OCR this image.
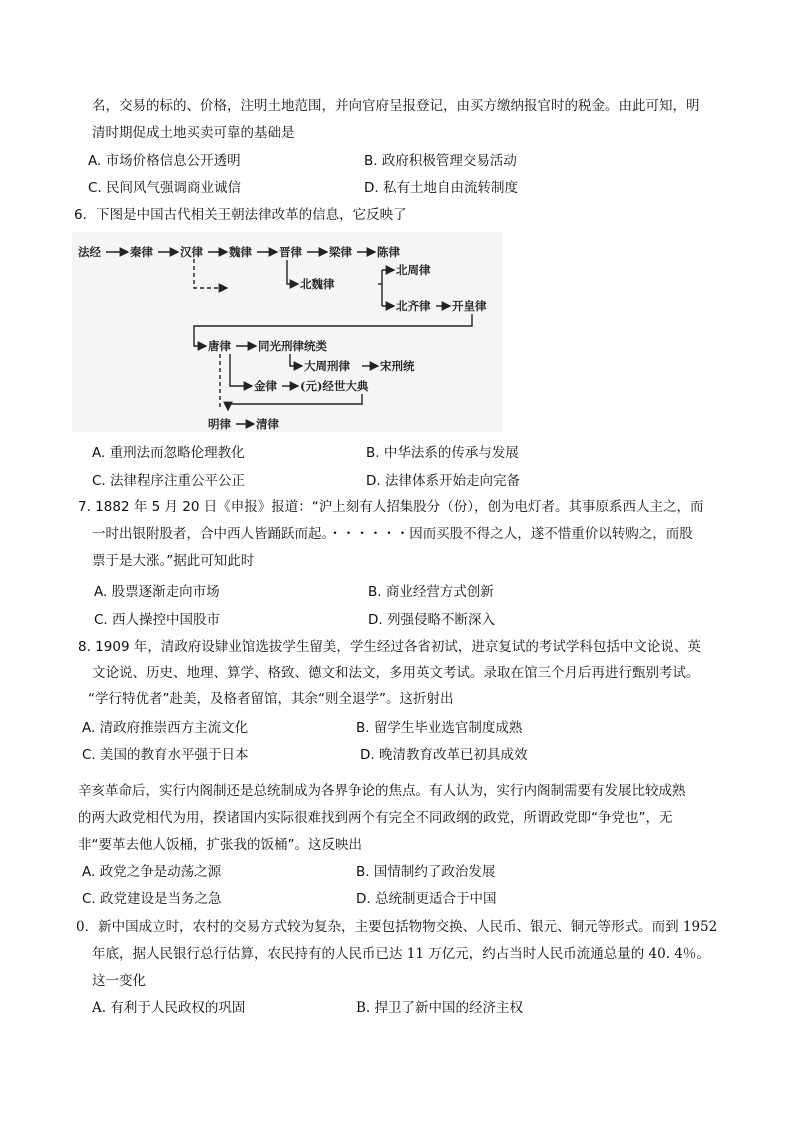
名，交易的标的、价格，注明土地范围，并向官府呈报登记，由买方缴纳报官时的税金。由此可知，明
清时期促成土地买卖可靠的基础是
A. 市场价格信息公开透明	B. 政府积极管理交易活动
C. 民间风气强调商业诚信	D. 私有土地自由流转制度
6．下图是中国古代相关王朝法律改革的信息，它反映了
法经	秦律 汉律 魏律 晋律 梁律 陈律
北魏律
北周律
北齐律 开皇律
唐律 同光刑律统类
大周刑律	宋刑统
金律 (元)经世大典
明律 清律
A. 重刑法而忽略伦理教化	B. 中华法系的传承与发展
C. 法律程序注重公平公正	D. 法律体系开始走向完备
7. 1882 年 5 月 20 日《申报》报道：“沪上刻有人招集股分（份），创为电灯者。其事原系西人主之，而
一时出银附股者，合中西人皆踊跃而起。・・・・・・因而买股不得之人，遂不惜重价以转购之，而股
票于是大涨。”据此可知此时
A. 股票逐渐走向市场	B. 商业经营方式创新
C. 西人操控中国股市	D. 列强侵略不断深入
8. 1909 年，清政府设肄业馆选拔学生留美，学生经过各省初试，进京复试的考试学科包括中文论说、英
文论说、历史、地理、算学、格致、德文和法文，多用英文考试。录取在馆三个月后再进行甄别考试。
“学行特优者”赴美，及格者留馆，其余“则全退学”。这折射出
A. 清政府推崇西方主流文化	B. 留学生毕业选官制度成熟
C. 美国的教育水平强于日本	D. 晚清教育改革已初具成效
辛亥革命后，实行内阁制还是总统制成为各界争论的焦点。有人认为，实行内阁制需要有发展比较成熟
的两大政党相代为用，揆诸国内实际很难找到两个有完全不同政纲的政党，所谓政党即“争党也”，无
非“要革去他人饭桶，扩张我的饭桶”。这反映出
A. 政党之争是动荡之源	B. 国情制约了政治发展
C. 政党建设是当务之急	D. 总统制更适合于中国
0．新中国成立时，农村的交易方式较为复杂，主要包括物物交换、人民币、银元、铜元等形式。而到 1952
年底，据人民银行总行估算，农民持有的人民币已达 11 万亿元，约占当时人民币流通总量的 40. 4％。
这一变化
A. 有利于人民政权的巩固	B. 捍卫了新中国的经济主权
